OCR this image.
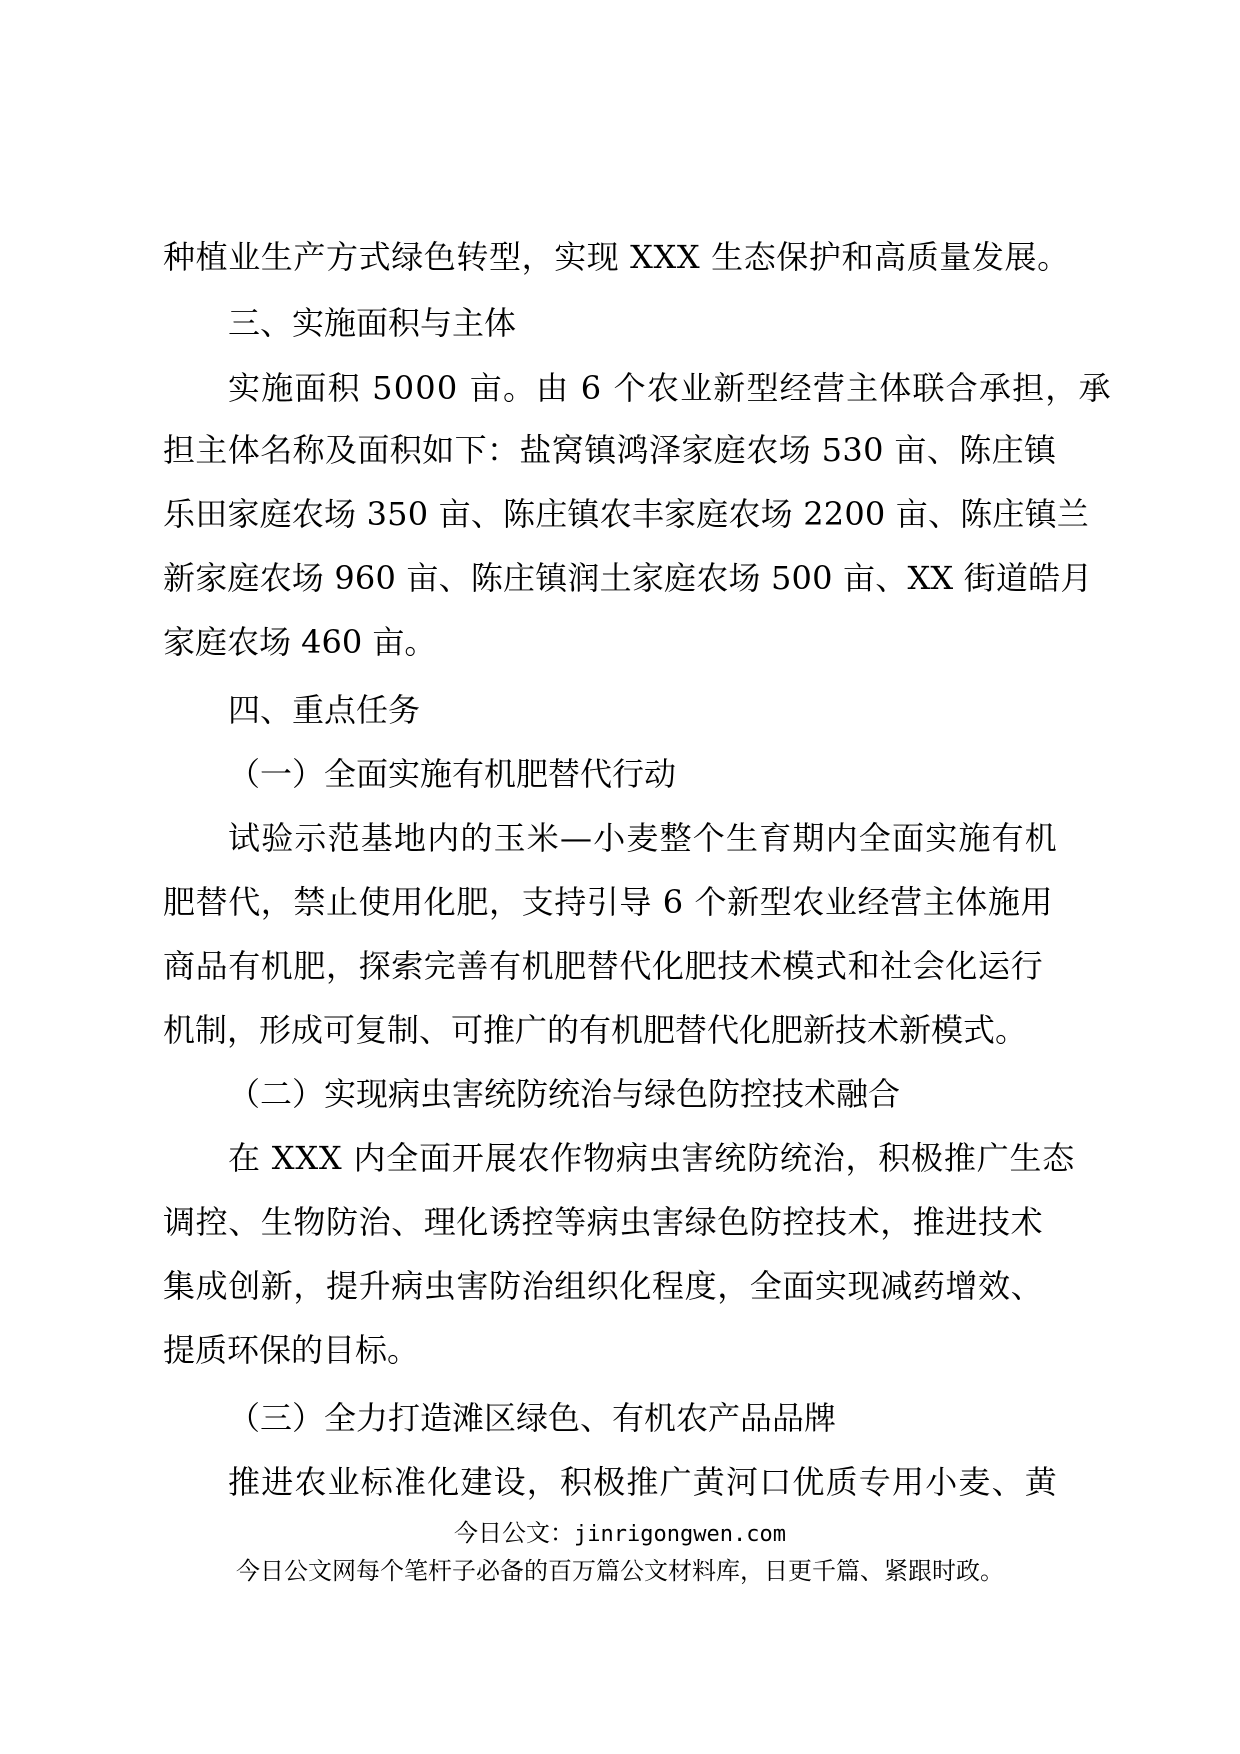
种植业生产方式绿色转型，实现 XXX 生态保护和高质量发展。
三、实施面积与主体
实施面积 5000 亩。由 6 个农业新型经营主体联合承担，承
担主体名称及面积如下：盐窝镇鸿泽家庭农场 530 亩、陈庄镇
乐田家庭农场 350 亩、陈庄镇农丰家庭农场 2200 亩、陈庄镇兰
新家庭农场 960 亩、陈庄镇润土家庭农场 500 亩、XX 街道皓月
家庭农场 460 亩。
四、重点任务
（一）全面实施有机肥替代行动
试验示范基地内的玉米—小麦整个生育期内全面实施有机
肥替代，禁止使用化肥，支持引导 6 个新型农业经营主体施用
商品有机肥，探索完善有机肥替代化肥技术模式和社会化运行
机制，形成可复制、可推广的有机肥替代化肥新技术新模式。
（二）实现病虫害统防统治与绿色防控技术融合
在 XXX 内全面开展农作物病虫害统防统治，积极推广生态
调控、生物防治、理化诱控等病虫害绿色防控技术，推进技术
集成创新，提升病虫害防治组织化程度，全面实现减药增效、
提质环保的目标。
（三）全力打造滩区绿色、有机农产品品牌
推进农业标准化建设，积极推广黄河口优质专用小麦、黄
今日公文：jinrigongwen.com
今日公文网每个笔杆子必备的百万篇公文材料库，日更千篇、紧跟时政。
